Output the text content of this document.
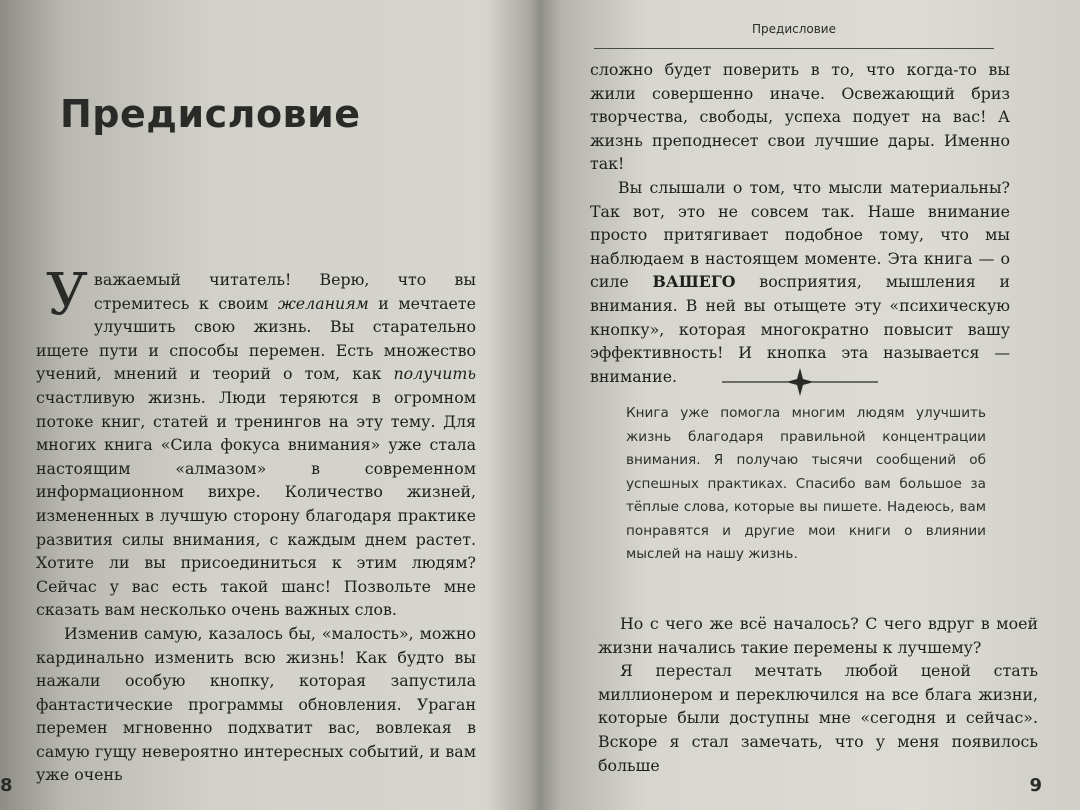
Предисловие

Уважаемый читатель! Верю, что вы стремитесь к своим желаниям и мечтаете улучшить свою жизнь. Вы старательно ищете пути и способы перемен. Есть множество учений, мнений и теорий о том, как получить счастливую жизнь. Люди теряются в огромном потоке книг, статей и тренингов на эту тему. Для многих книга «Сила фокуса внимания» уже стала настоящим «алмазом» в современном информационном вихре. Количество жизней, измененных в лучшую сторону благодаря практике развития силы внимания, с каждым днем растет. Хотите ли вы присоединиться к этим людям? Сейчас у вас есть такой шанс! Позвольте мне сказать вам несколько очень важных слов.

Изменив самую, казалось бы, «малость», можно кардинально изменить всю жизнь! Как будто вы нажали особую кнопку, которая запустила фантастические программы обновления. Ураган перемен мгновенно подхватит вас, вовлекая в самую гущу невероятно интересных событий, и вам уже очень

8
Предисловие

сложно будет поверить в то, что когда-то вы жили совершенно иначе. Освежающий бриз творчества, свободы, успеха подует на вас! А жизнь преподнесет свои лучшие дары. Именно так!

Вы слышали о том, что мысли материальны? Так вот, это не совсем так. Наше внимание просто притягивает подобное тому, что мы наблюдаем в настоящем моменте. Эта книга — о силе ВАШЕГО восприятия, мышления и внимания. В ней вы отыщете эту «психическую кнопку», которая многократно повысит вашу эффективность! И кнопка эта называется — внимание.

Книга уже помогла многим людям улучшить жизнь благодаря правильной концентрации внимания. Я получаю тысячи сообщений об успешных практиках. Спасибо вам большое за тёплые слова, которые вы пишете. Надеюсь, вам понравятся и другие мои книги о влиянии мыслей на нашу жизнь.

Но с чего же всё началось? С чего вдруг в моей жизни начались такие перемены к лучшему?

Я перестал мечтать любой ценой стать миллионером и переключился на все блага жизни, которые были доступны мне «сегодня и сейчас». Вскоре я стал замечать, что у меня появилось больше

9
